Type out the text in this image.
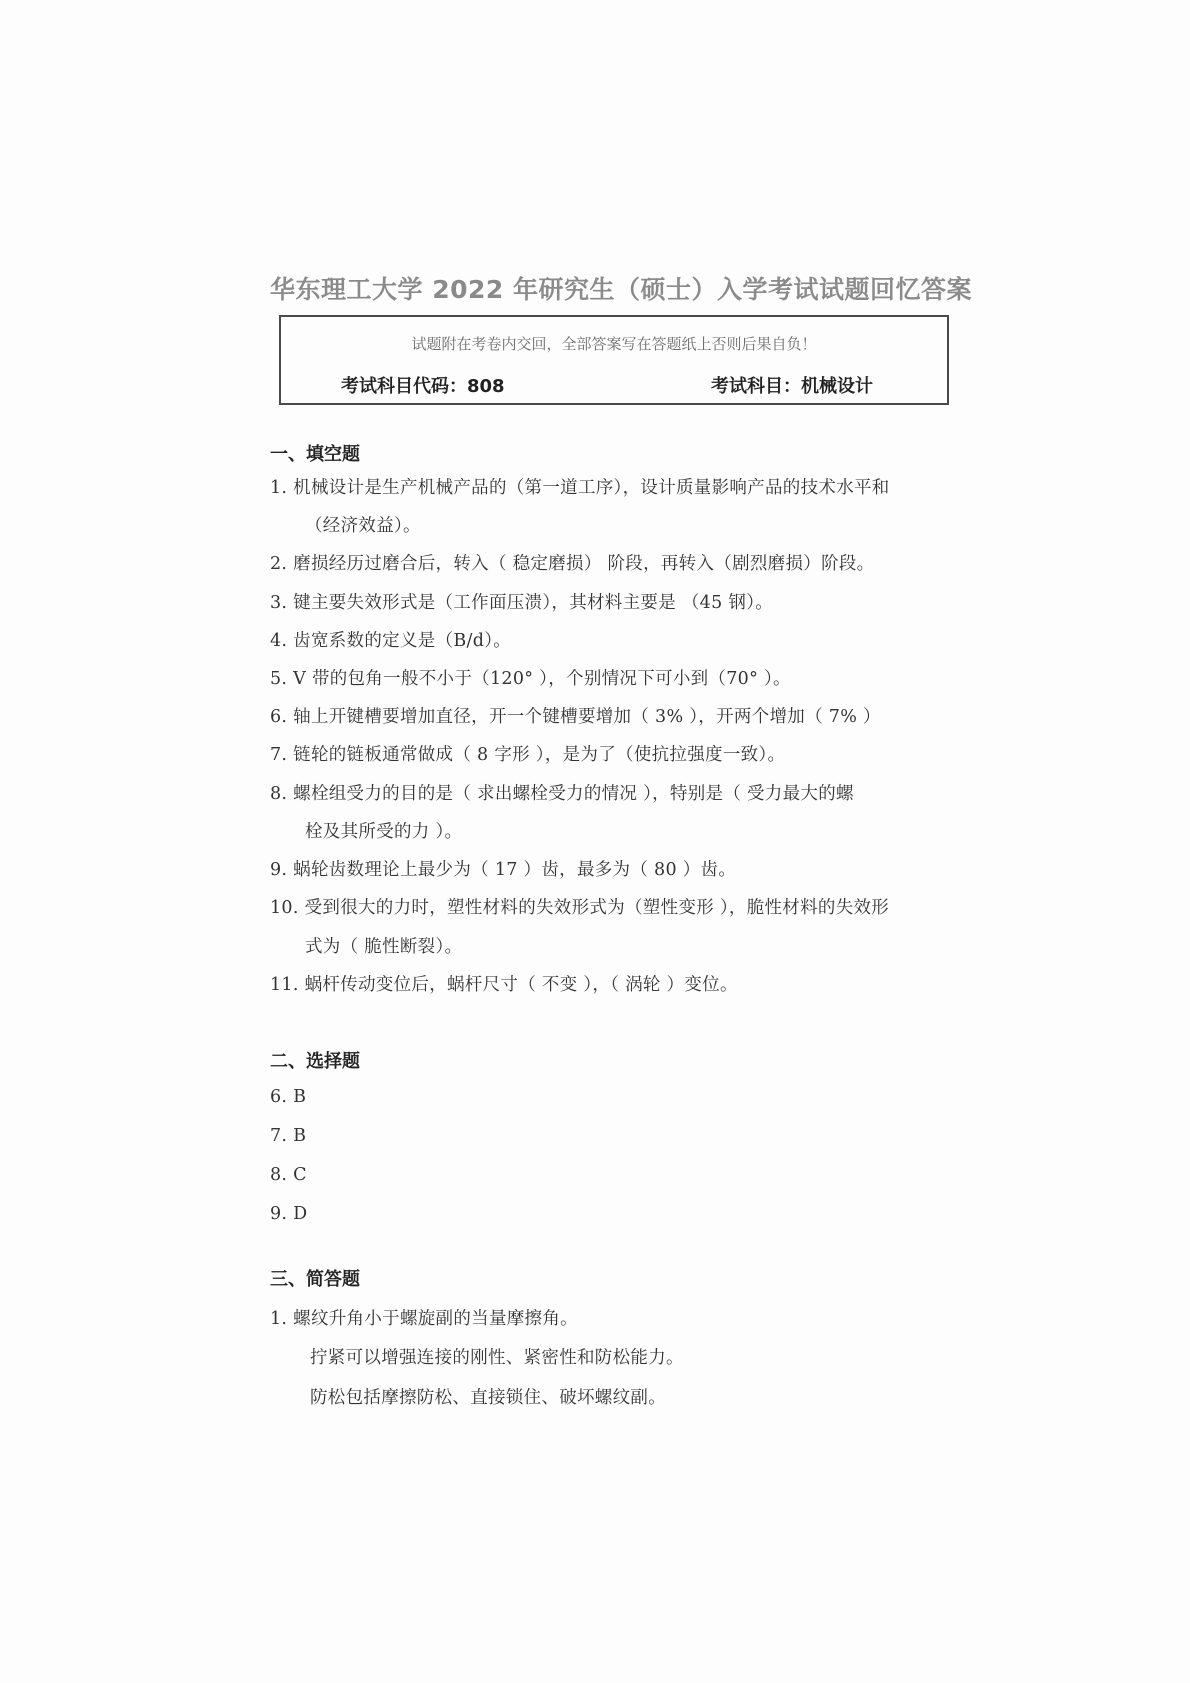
华东理工大学 2022 年研究生（硕士）入学考试试题回忆答案
试题附在考卷内交回，全部答案写在答题纸上否则后果自负！
考试科目代码：808	考试科目：机械设计
一、填空题
1. 机械设计是生产机械产品的（第一道工序），设计质量影响产品的技术水平和
（经济效益）。
2. 磨损经历过磨合后，转入（ 稳定磨损） 阶段，再转入（剧烈磨损）阶段。
3. 键主要失效形式是（工作面压溃），其材料主要是 （45 钢）。
4. 齿宽系数的定义是（B/d）。
5. V 带的包角一般不小于（120° ），个别情况下可小到（70° ）。
6. 轴上开键槽要增加直径，开一个键槽要增加（ 3% ），开两个增加（ 7% ）
7. 链轮的链板通常做成（ 8 字形 ），是为了（使抗拉强度一致）。
8. 螺栓组受力的目的是（ 求出螺栓受力的情况 ），特别是（ 受力最大的螺
栓及其所受的力 ）。
9. 蜗轮齿数理论上最少为（ 17 ）齿，最多为（ 80 ）齿。
10. 受到很大的力时，塑性材料的失效形式为（塑性变形 ），脆性材料的失效形
式为（ 脆性断裂）。
11. 蜗杆传动变位后，蜗杆尺寸（ 不变 ），（ 涡轮 ）变位。
二、选择题
6. B
7. B
8. C
9. D
三、简答题
1. 螺纹升角小于螺旋副的当量摩擦角。
拧紧可以增强连接的刚性、紧密性和防松能力。
防松包括摩擦防松、直接锁住、破坏螺纹副。
